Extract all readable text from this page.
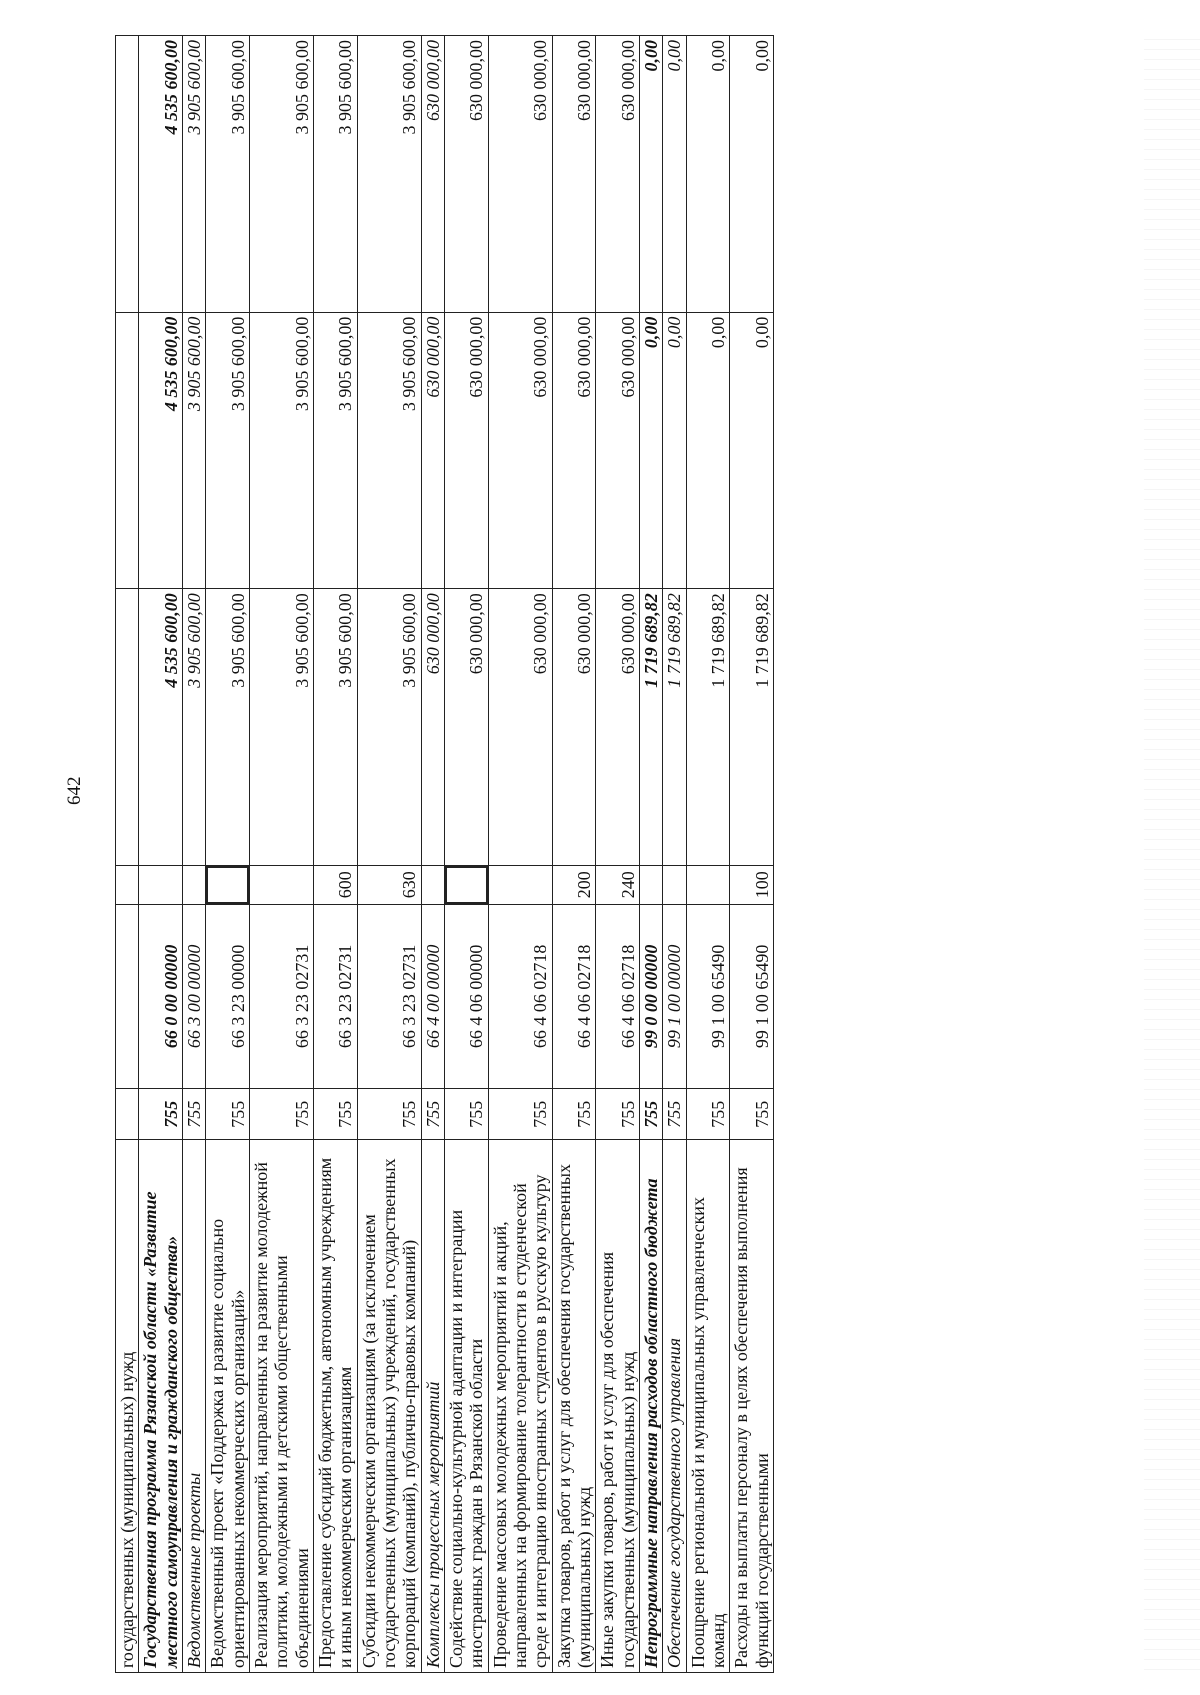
642
государственных (муниципальных) нужд						
Государственная программа Рязанской области «Развитие местного самоуправления и гражданского общества»	755	66 0 00 00000		4 535 600,00	4 535 600,00	4 535 600,00
Ведомственные проекты	755	66 3 00 00000		3 905 600,00	3 905 600,00	3 905 600,00
Ведомственный проект «Поддержка и развитие социально ориентированных некоммерческих организаций»	755	66 3 23 00000		3 905 600,00	3 905 600,00	3 905 600,00
Реализация мероприятий, направленных на развитие молодежной политики, молодежными и детскими общественными объединениями	755	66 3 23 02731		3 905 600,00	3 905 600,00	3 905 600,00
Предоставление субсидий бюджетным, автономным учреждениям и иным некоммерческим организациям	755	66 3 23 02731	600	3 905 600,00	3 905 600,00	3 905 600,00
Субсидии некоммерческим организациям (за исключением государственных (муниципальных) учреждений, государственных корпораций (компаний), публично-правовых компаний)	755	66 3 23 02731	630	3 905 600,00	3 905 600,00	3 905 600,00
Комплексы процессных мероприятий	755	66 4 00 00000		630 000,00	630 000,00	630 000,00
Содействие социально-культурной адаптации и интеграции иностранных граждан в Рязанской области	755	66 4 06 00000		630 000,00	630 000,00	630 000,00
Проведение массовых молодежных мероприятий и акций, направленных на формирование толерантности в студенческой среде и интеграцию иностранных студентов в русскую культуру	755	66 4 06 02718		630 000,00	630 000,00	630 000,00
Закупка товаров, работ и услуг для обеспечения государственных (муниципальных) нужд	755	66 4 06 02718	200	630 000,00	630 000,00	630 000,00
Иные закупки товаров, работ и услуг для обеспечения государственных (муниципальных) нужд	755	66 4 06 02718	240	630 000,00	630 000,00	630 000,00
Непрограммные направления расходов областного бюджета	755	99 0 00 00000		1 719 689,82	0,00	0,00
Обеспечение государственного управления	755	99 1 00 00000		1 719 689,82	0,00	0,00
Поощрение региональной и муниципальных управленческих команд	755	99 1 00 65490		1 719 689,82	0,00	0,00
Расходы на выплаты персоналу в целях обеспечения выполнения функций государственными	755	99 1 00 65490	100	1 719 689,82	0,00	0,00
